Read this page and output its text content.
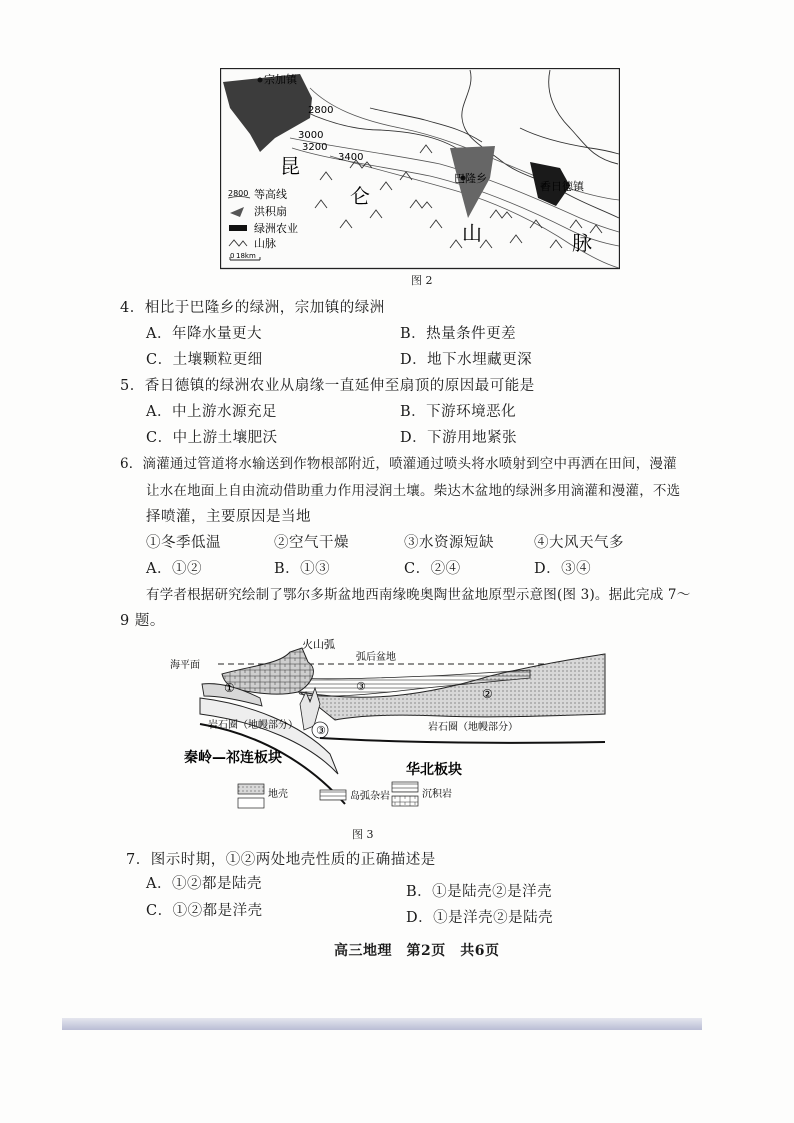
宗加镇
2800
3000
3200
3400
昆
仑
山	脉
巴隆乡
香日德镇
2800 等高线
洪积扇
绿洲农业
山脉
0 18km
图 2
4．相比于巴隆乡的绿洲，宗加镇的绿洲
A．年降水量更大	B．热量条件更差
C．土壤颗粒更细	D．地下水埋藏更深
5．香日德镇的绿洲农业从扇缘一直延伸至扇顶的原因最可能是
A．中上游水源充足	B．下游环境恶化
C．中上游土壤肥沃	D．下游用地紧张
6．滴灌通过管道将水输送到作物根部附近，喷灌通过喷头将水喷射到空中再洒在田间，漫灌
让水在地面上自由流动借助重力作用浸润土壤。柴达木盆地的绿洲多用滴灌和漫灌，不选
择喷灌，主要原因是当地
①冬季低温	②空气干燥	③水资源短缺	④大风天气多
A．①②	B．①③	C．②④	D．③④
有学者根据研究绘制了鄂尔多斯盆地西南缘晚奥陶世盆地原型示意图(图 3)。据此完成 7～
9 题。
火山弧
海平面
弧后盆地
①	②
③
③
岩石圈（地幔部分）	岩石圈（地幔部分）
秦岭—祁连板块
华北板块
地壳	岛弧杂岩	沉积岩
图 3
7．图示时期，①②两处地壳性质的正确描述是
A．①②都是陆壳	B．①是陆壳②是洋壳
C．①②都是洋壳	D．①是洋壳②是陆壳
高三地理　第2页　共6页
